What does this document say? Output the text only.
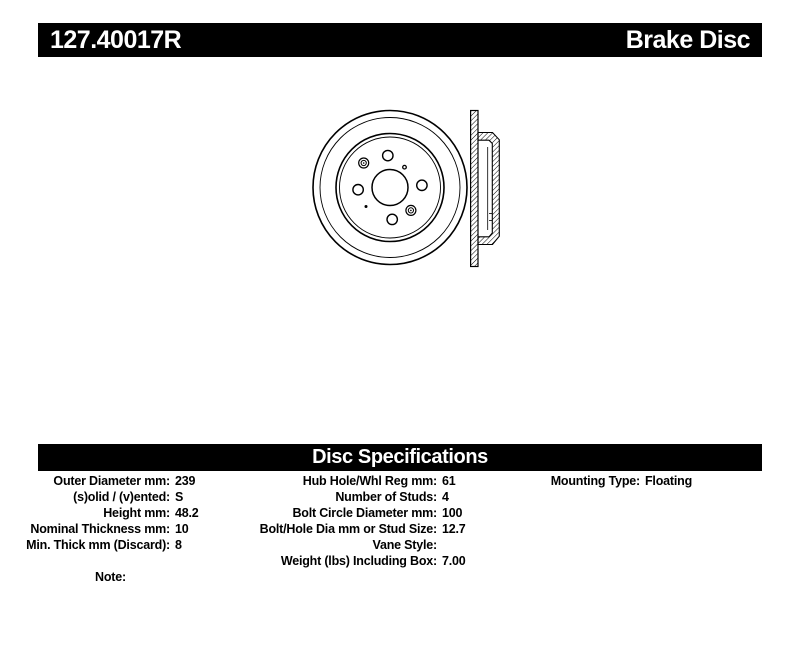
127.40017R	Brake Disc
Disc Specifications
Outer Diameter mm: 239
(s)olid / (v)ented: S
Height mm: 48.2
Nominal Thickness mm: 10
Min. Thick mm (Discard): 8
Hub Hole/Whl Reg mm: 61
Number of Studs: 4
Bolt Circle Diameter mm: 100
Bolt/Hole Dia mm or Stud Size: 12.7
Vane Style:
Weight (lbs) Including Box: 7.00
Mounting Type: Floating
Note:
